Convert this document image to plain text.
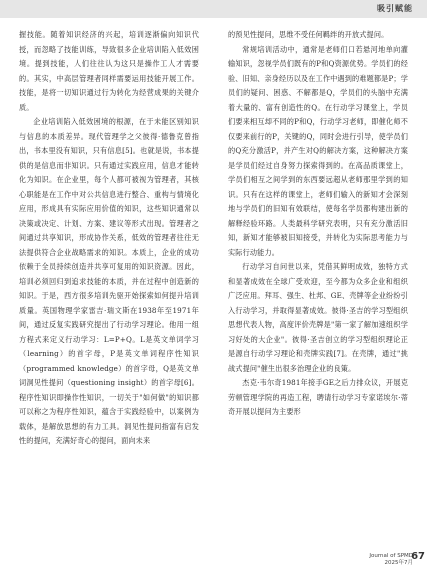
吸引赋能

握技能。随着知识经济的兴起，培训逐渐偏向知识代授，而忽略了技能训练，导致很多企业培训陷入低效困境。提到技能，人们往往认为这只是操作工人才需要的。其实，中高层管理者同样需要运用技能开展工作。技能，是将一切知识通过行为转化为经营成果的关键介质。

企业培训陷入低效困境的根源，在于未能区别知识与信息的本质差异。现代管理学之父彼得·德鲁克曾指出，书本里没有知识，只有信息[5]。也就是说，书本提供的是信息而非知识。只有通过实践应用，信息才能转化为知识。在企业里，每个人都可被视为管理者，其核心职能是在工作中对公共信息进行整合、重构与情境化应用，形成具有实际应用价值的知识，这些知识通常以决策或决定、计划、方案、建议等形式出现。管理者之间通过共享知识，形成协作关系，低效的管理者往往无法提供符合企业战略需求的知识。本质上，企业的成功依赖于全员持续创造并共享可复用的知识资源。因此，培训必须回归到追求技能的本质，并在过程中创造新的知识。于是，西方很多培训先驱开始探索如何提升培训质量。英国物理学家雷吉·瑞文斯在1938年至1971年间，通过反复实践研究提出了行动学习理论。他用一组方程式来定义行动学习：L=P+Q。L是英文单词学习（learning）的首字母，P是英文单词程序性知识（programmed knowledge）的首字母，Q是英文单词洞见性提问（questioning insight）的首字母[6]。程序性知识即操作性知识，一切关于"如何做"的知识都可以称之为程序性知识，蕴含于实践经验中，以案例为载体，是解放思想的有力工具。洞见性提问指富有启发性的提问，充满好奇心的提问，面向未来

的预见性提问，思维不受任何羁绊的开放式提问。

常规培训活动中，通常是老师们口若悬河地单向灌输知识，忽视学员们既有的P和Q资源优势。学员们的经验、旧知、亲身经历以及在工作中遇到的难题都是P；学员们的疑问、困惑、不解都是Q，学员们的头脑中充满着大量的、富有创造性的Q。在行动学习课堂上，学员们要来相互却不同的P和Q，行动学习老师，即催化师不仅要来前行的P，关键的Q，同时会进行引导，使学员们的Q充分激活P，并产生对Q的解决方案，这种解决方案是学员们经过自身努力探索得到的。在高品质课堂上，学员们相互之间学到的东西要远超从老师那里学到的知识。只有在这样的课堂上，老师们输入的新知才会深刻地与学员们的旧知有效联结，使每名学员都构建出新的解释经验环路。人类最科学研究表明，只有充分激活旧知，新知才能够被旧知接受，并转化为实际思考能力与实际行动能力。

行动学习自问世以来，凭借其鲜明成效，独特方式和显著成效在全球广受欢迎，至今都为众多企业和组织广泛应用。拜耳、强生、杜邦、GE、壳牌等企业纷纷引入行动学习，并取得显著成效。彼得·圣吉的学习型组织思想代表人物，高度评价壳牌是"第一家了解加速组织学习好处的大企业"。彼得·圣吉创立的学习型组织理论正是源自行动学习理论和壳牌实践[7]。在壳牌，通过"挑战式提问"催生出很多治理企业的良策。

杰克·韦尔奇1981年接手GE之后力排众议，开展克劳顿管理学院的再造工程，聘请行动学习专家诺埃尔·蒂奇开展以提问为主要形

Journal of SPMD
2025年7月
67
